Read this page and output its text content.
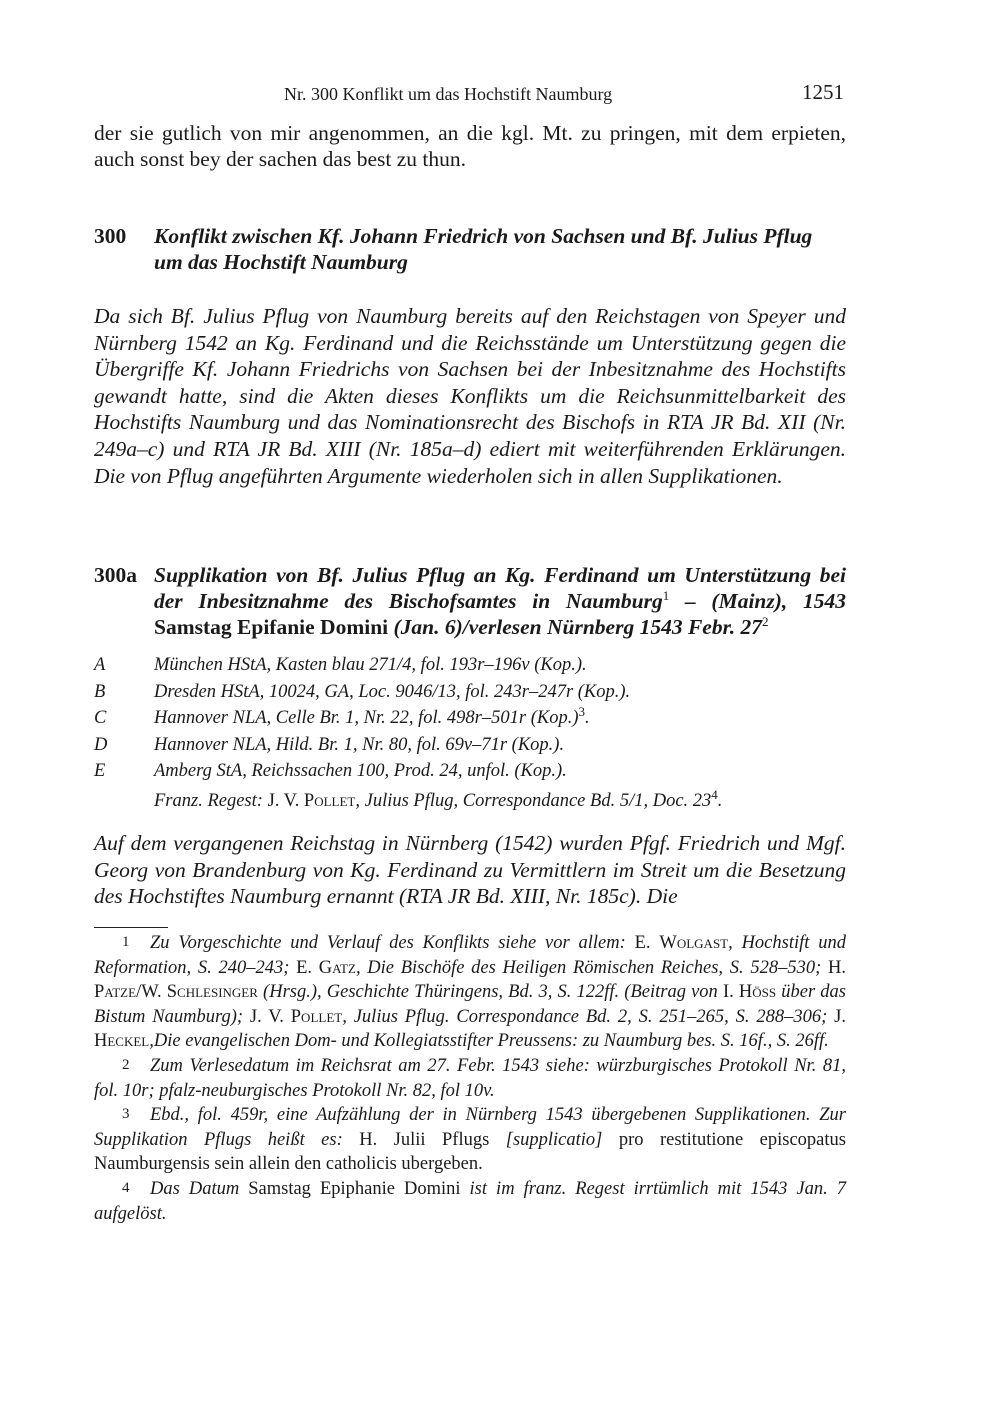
Nr. 300 Konflikt um das Hochstift Naumburg	1251

der sie gutlich von mir angenommen, an die kgl. Mt. zu pringen, mit dem erpieten, auch sonst bey der sachen das best zu thun.

300 Konflikt zwischen Kf. Johann Friedrich von Sachsen und Bf. Julius Pflug um das Hochstift Naumburg

Da sich Bf. Julius Pflug von Naumburg bereits auf den Reichstagen von Speyer und Nürnberg 1542 an Kg. Ferdinand und die Reichsstände um Unterstützung gegen die Übergriffe Kf. Johann Friedrichs von Sachsen bei der Inbesitznahme des Hochstifts gewandt hatte, sind die Akten dieses Konflikts um die Reichsunmittelbarkeit des Hochstifts Naumburg und das Nominationsrecht des Bischofs in RTA JR Bd. XII (Nr. 249a–c) und RTA JR Bd. XIII (Nr. 185a–d) ediert mit weiterführenden Erklärungen. Die von Pflug angeführten Argumente wiederholen sich in allen Supplikationen.

300a Supplikation von Bf. Julius Pflug an Kg. Ferdinand um Unterstützung bei der Inbesitznahme des Bischofsamtes in Naumburg$^1$ – (Mainz), 1543 Samstag Epifanie Domini (Jan. 6)/verlesen Nürnberg 1543 Febr. $27^2$
A	München HStA, Kasten blau 271/4, fol. 193r–196v (Kop.).
B	Dresden HStA, 10024, GA, Loc. 9046/13, fol. 243r–247r (Kop.).
C	Hannover NLA, Celle Br. 1, Nr. 22, fol. 498r–501r $(Kop.)^3$.
D	Hannover NLA, Hild. Br. 1, Nr. 80, fol. 69v–71r (Kop.).
E	Amberg StA, Reichssachen 100, Prod. 24, unfol. (Kop.).
Franz. Regest: J. V. Pollet, Julius Pflug, Correspondance Bd. 5/1, Doc. $23^4$.

Auf dem vergangenen Reichstag in Nürnberg (1542) wurden Pfgf. Friedrich und Mgf. Georg von Brandenburg von Kg. Ferdinand zu Vermittlern im Streit um die Besetzung des Hochstiftes Naumburg ernannt (RTA JR Bd. XIII, Nr. 185c). Die

1 Zu Vorgeschichte und Verlauf des Konflikts siehe vor allem: E. Wolgast, Hochstift und Reformation, S. 240–243; E. Gatz, Die Bischöfe des Heiligen Römischen Reiches, S. 528–530; H. Patze/W. Schlesinger (Hrsg.), Geschichte Thüringens, Bd. 3, S. 122ff. (Beitrag von I. Höß über das Bistum Naumburg); J. V. Pollet, Julius Pflug. Correspondance Bd. 2, S. 251–265, S. 288–306; J. Heckel,Die evangelischen Dom- und Kollegiatsstifter Preussens: zu Naumburg bes. S. 16f., S. 26ff.

2 Zum Verlesedatum im Reichsrat am 27. Febr. 1543 siehe: würzburgisches Protokoll Nr. 81, fol. 10r; pfalz-neuburgisches Protokoll Nr. 82, fol 10v.

3 Ebd., fol. 459r, eine Aufzählung der in Nürnberg 1543 übergebenen Supplikationen. Zur Supplikation Pflugs heißt es: H. Julii Pflugs [supplicatio] pro restitutione episcopatus Naumburgensis sein allein den catholicis ubergeben.

4 Das Datum Samstag Epiphanie Domini ist im franz. Regest irrtümlich mit 1543 Jan. 7 aufgelöst.
